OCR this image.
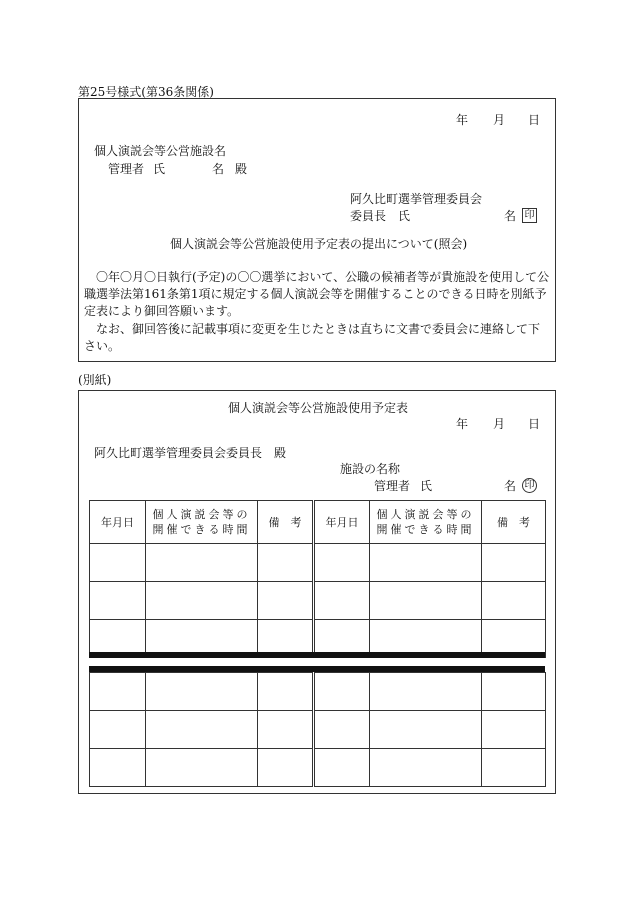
第25号様式(第36条関係)
年 月 日
個人演説会等公営施設名
管理者 氏	名 殿
阿久比町選挙管理委員会
委員長 氏	名 印
個人演説会等公営施設使用予定表の提出について(照会)
〇年〇月〇日執行(予定)の〇〇選挙において、公職の候補者等が貴施設を使用して公職選挙法第161条第1項に規定する個人演説会等を開催することのできる日時を別紙予定表により御回答願います。
なお、御回答後に記載事項に変更を生じたときは直ちに文書で委員会に連絡して下さい。
(別紙)
個人演説会等公営施設使用予定表
年 月 日
阿久比町選挙管理委員会委員長 殿
施設の名称
管理者 氏	名 印
年月日	個人演説会等の
開催できる時間	備　考	年月日	個人演説会等の
開催できる時間	備　考
